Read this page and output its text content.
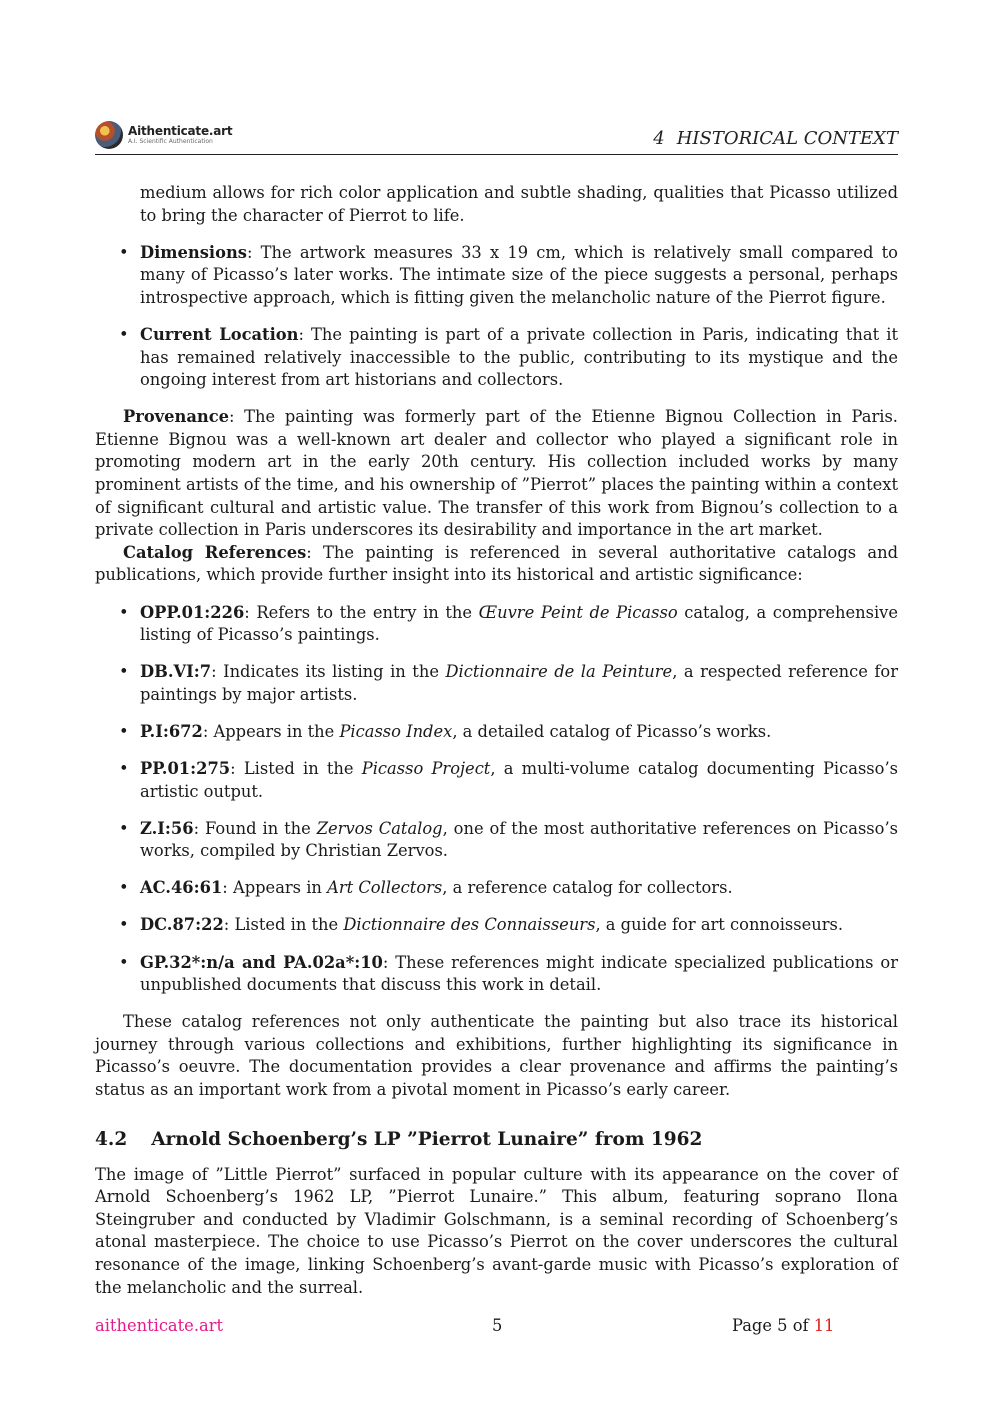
Aithenticate.art
A.I. Scientific Authentication	4 HISTORICAL CONTEXT

medium allows for rich color application and subtle shading, qualities that Picasso utilized to bring the character of Pierrot to life.

• Dimensions: The artwork measures 33 x 19 cm, which is relatively small compared to many of Picasso’s later works. The intimate size of the piece suggests a personal, perhaps introspective approach, which is fitting given the melancholic nature of the Pierrot figure.
• Current Location: The painting is part of a private collection in Paris, indicating that it has remained relatively inaccessible to the public, contributing to its mystique and the ongoing interest from art historians and collectors.

Provenance: The painting was formerly part of the Etienne Bignou Collection in Paris. Etienne Bignou was a well-known art dealer and collector who played a significant role in promoting modern art in the early 20th century. His collection included works by many prominent artists of the time, and his ownership of ”Pierrot” places the painting within a context of significant cultural and artistic value. The transfer of this work from Bignou’s collection to a private collection in Paris underscores its desirability and importance in the art market.

Catalog References: The painting is referenced in several authoritative catalogs and publications, which provide further insight into its historical and artistic significance:

• OPP.01:226: Refers to the entry in the Œuvre Peint de Picasso catalog, a comprehensive listing of Picasso’s paintings.
• DB.VI:7: Indicates its listing in the Dictionnaire de la Peinture, a respected reference for paintings by major artists.
• P.I:672: Appears in the Picasso Index, a detailed catalog of Picasso’s works.
• PP.01:275: Listed in the Picasso Project, a multi-volume catalog documenting Picasso’s artistic output.
• Z.I:56: Found in the Zervos Catalog, one of the most authoritative references on Picasso’s works, compiled by Christian Zervos.
• AC.46:61: Appears in Art Collectors, a reference catalog for collectors.
• DC.87:22: Listed in the Dictionnaire des Connaisseurs, a guide for art connoisseurs.
• GP.32*:n/a and PA.02a*:10: These references might indicate specialized publications or unpublished documents that discuss this work in detail.

These catalog references not only authenticate the painting but also trace its historical journey through various collections and exhibitions, further highlighting its significance in Picasso’s oeuvre. The documentation provides a clear provenance and affirms the painting’s status as an important work from a pivotal moment in Picasso’s early career.

4.2 Arnold Schoenberg’s LP ”Pierrot Lunaire” from 1962

The image of ”Little Pierrot” surfaced in popular culture with its appearance on the cover of Arnold Schoenberg’s 1962 LP, ”Pierrot Lunaire.” This album, featuring soprano Ilona Steingruber and conducted by Vladimir Golschmann, is a seminal recording of Schoenberg’s atonal masterpiece. The choice to use Picasso’s Pierrot on the cover underscores the cultural resonance of the image, linking Schoenberg’s avant-garde music with Picasso’s exploration of the melancholic and the surreal.

aithenticate.art	5	Page 5 of 11
